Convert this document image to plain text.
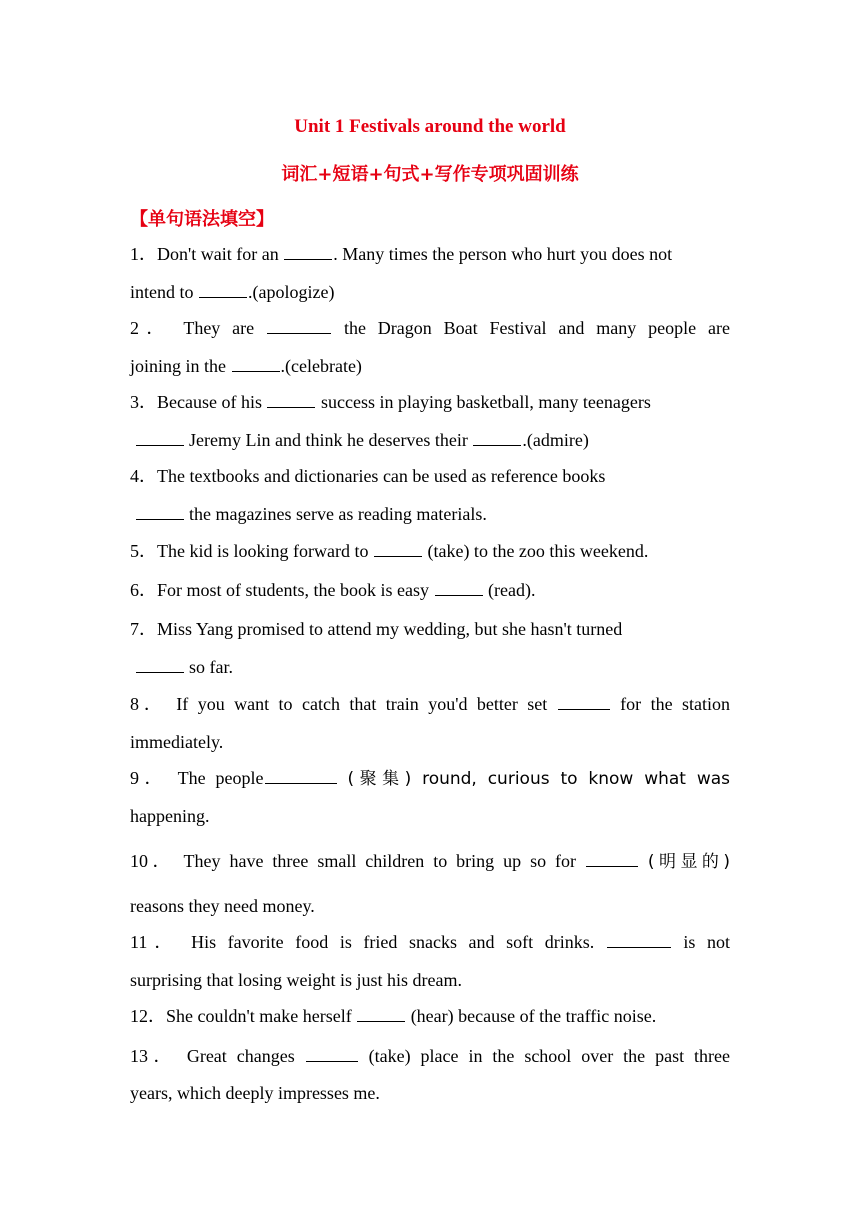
Unit 1 Festivals around the world
词汇+短语+句式+写作专项巩固训练
【单句语法填空】
1．Don't wait for an	. Many times the person who hurt you does not
intend to	.(apologize)
2． They are	the Dragon Boat Festival and many people are
joining in the	.(celebrate)
3．Because of his	success in playing basketball, many teenagers
Jeremy Lin and think he deserves their	.(admire)
4．The textbooks and dictionaries can be used as reference books
the magazines serve as reading materials.
5．The kid is looking forward to	(take) to the zoo this weekend.
6．For most of students, the book is easy	(read).
7．Miss Yang promised to attend my wedding, but she hasn't turned
so far.
8． If you want to catch that train you'd better set	for the station
immediately.
9． The people	(聚集) round, curious to know what was
happening.
10． They have three small children to bring up so for	(明显的)
reasons they need money.
11． His favorite food is fried snacks and soft drinks.	is not
surprising that losing weight is just his dream.
12．She couldn't make herself	(hear) because of the traffic noise.
13． Great changes	(take) place in the school over the past three
years, which deeply impresses me.
